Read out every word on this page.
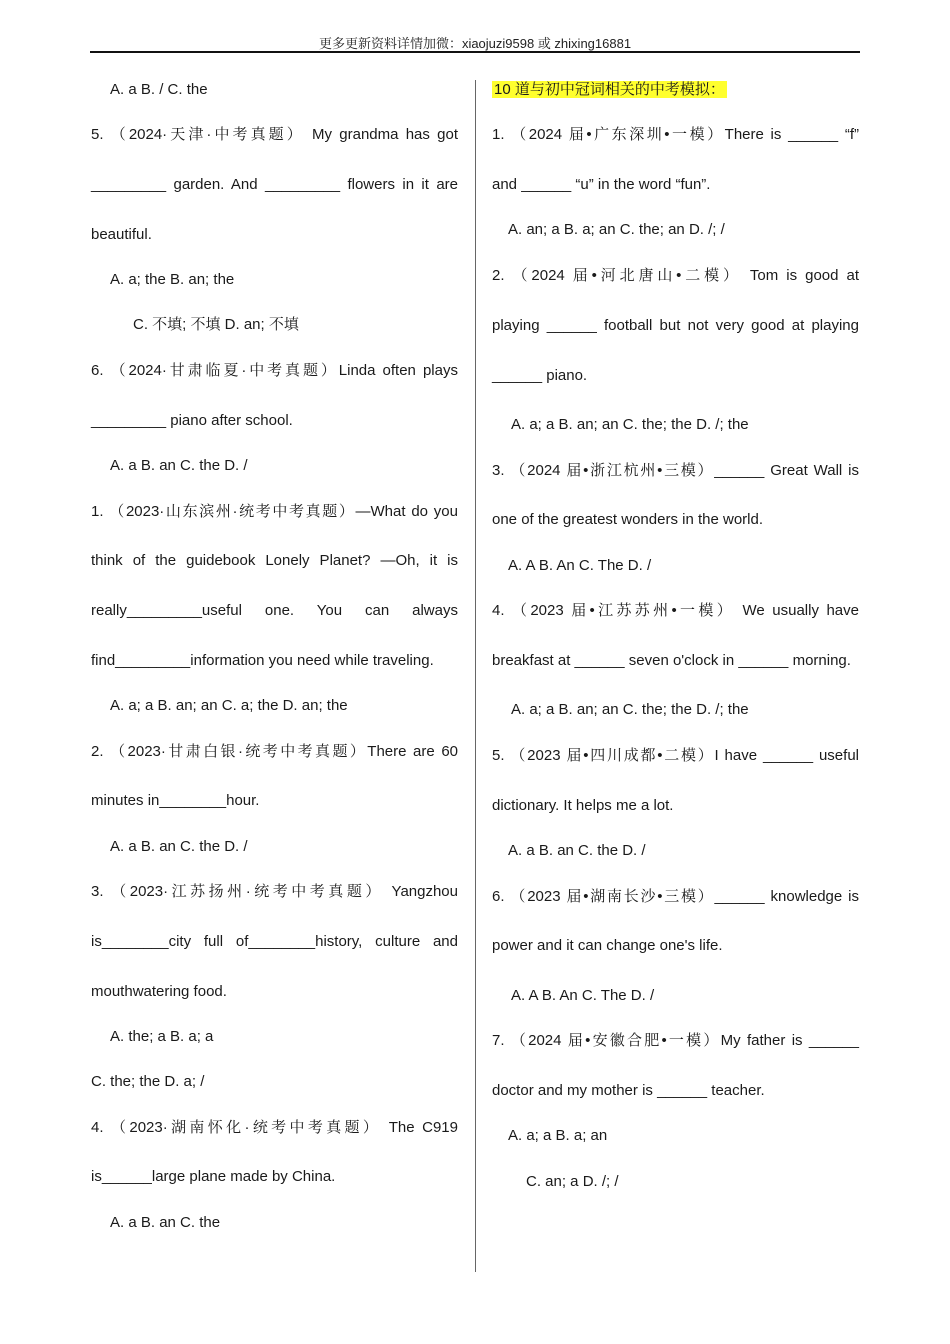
更多更新资料详情加微：xiaojuzi9598 或 zhixing16881
A. a B. / C. the
5. （2024·天津·中考真题） My grandma has got
_________ garden. And _________ flowers in it are
beautiful.
A. a; the B. an; the
C. 不填; 不填 D. an; 不填
6. （2024·甘肃临夏·中考真题）Linda often plays
_________ piano after school.
A. a B. an C. the D. /
1. （2023·山东滨州·统考中考真题）—What do you
think of the guidebook Lonely Planet? —Oh, it is
really_________useful one. You can always
find_________information you need while traveling.
A. a; a B. an; an C. a; the D. an; the
2. （2023·甘肃白银·统考中考真题）There are 60
minutes in________hour.
A. a B. an C. the D. /
3. （2023·江苏扬州·统考中考真题） Yangzhou
is________city full of________history, culture and
mouthwatering food.
A. the; a B. a; a
C. the; the D. a; /
4. （2023·湖南怀化·统考中考真题） The C919
is______large plane made by China.
A. a B. an C. the
10 道与初中冠词相关的中考模拟：
1. （2024 届•广东深圳•一模）There is ______ “f”
and ______ “u” in the word “fun”.
A. an; a B. a; an C. the; an D. /; /
2. （2024 届•河北唐山•二模） Tom is good at
playing ______ football but not very good at playing
______ piano.
A. a; a B. an; an C. the; the D. /; the
3. （2024 届•浙江杭州•三模）______ Great Wall is
one of the greatest wonders in the world.
A. A B. An C. The D. /
4. （2023 届•江苏苏州•一模） We usually have
breakfast at ______ seven o'clock in ______ morning.
A. a; a B. an; an C. the; the D. /; the
5. （2023 届•四川成都•二模）I have ______ useful
dictionary. It helps me a lot.
A. a B. an C. the D. /
6. （2023 届•湖南长沙•三模）______ knowledge is
power and it can change one's life.
A. A B. An C. The D. /
7. （2024 届•安徽合肥•一模）My father is ______
doctor and my mother is ______ teacher.
A. a; a B. a; an
C. an; a D. /; /
